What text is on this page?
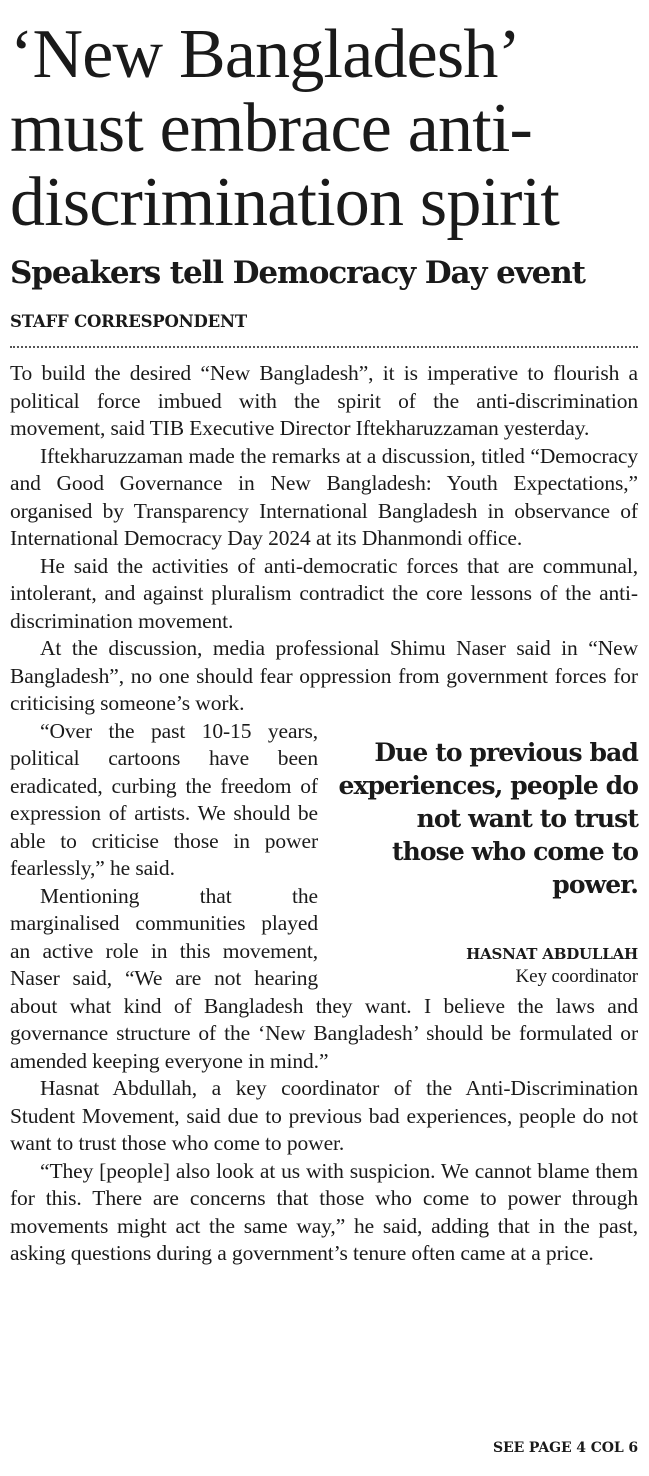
‘New Bangladesh’
must embrace anti-
discrimination spirit
Speakers tell Democracy Day event
STAFF CORRESPONDENT

To build the desired “New Bangladesh”, it is imperative to flourish a political force imbued with the spirit of the anti-discrimination movement, said TIB Executive Director Iftekharuzzaman yesterday.

Iftekharuzzaman made the remarks at a discussion, titled “Democracy and Good Governance in New Bangladesh: Youth Expectations,” organised by Transparency International Bangladesh in observance of International Democracy Day 2024 at its Dhanmondi office.

He said the activities of anti-democratic forces that are communal, intolerant, and against pluralism contradict the core lessons of the anti-discrimination movement.

At the discussion, media professional Shimu Naser said in “New Bangladesh”, no one should fear oppression from government forces for criticising someone’s work.

Due to previous bad experiences, people do not want to trust those who come to power.
HASNAT ABDULLAH
Key coordinator

“Over the past 10-15 years, political cartoons have been eradicated, curbing the freedom of expression of artists. We should be able to criticise those in power fearlessly,” he said.

Mentioning that the marginalised communities played an active role in this movement, Naser said, “We are not hearing about what kind of Bangladesh they want. I believe the laws and governance structure of the ‘New Bangladesh’ should be formulated or amended keeping everyone in mind.”

Hasnat Abdullah, a key coordinator of the Anti-Discrimination Student Movement, said due to previous bad experiences, people do not want to trust those who come to power.

“They [people] also look at us with suspicion. We cannot blame them for this. There are concerns that those who come to power through movements might act the same way,” he said, adding that in the past, asking questions during a government’s tenure often came at a price.

SEE PAGE 4 COL 6
